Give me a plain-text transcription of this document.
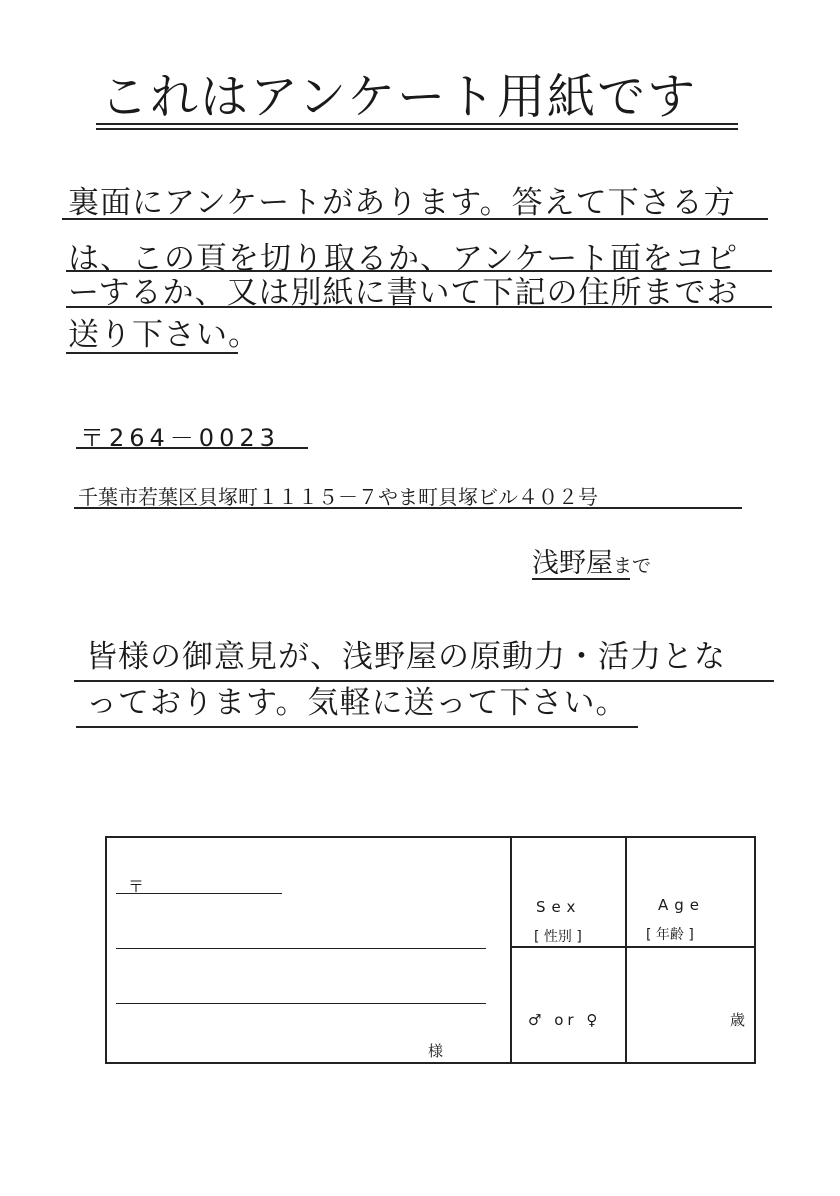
これはアンケート用紙です
裏面にアンケートがあります。答えて下さる方
は、この頁を切り取るか、アンケート面をコピ
ーするか、又は別紙に書いて下記の住所までお
送り下さい。
〒264－0023
千葉市若葉区貝塚町１１１５－７やま町貝塚ビル４０２号
浅野屋まで
皆様の御意見が、浅野屋の原動力・活力とな
っております。気軽に送って下さい。
〒
様
Sex
[ 性別 ]
♂ or ♀
Age
[ 年齢 ]
歳
